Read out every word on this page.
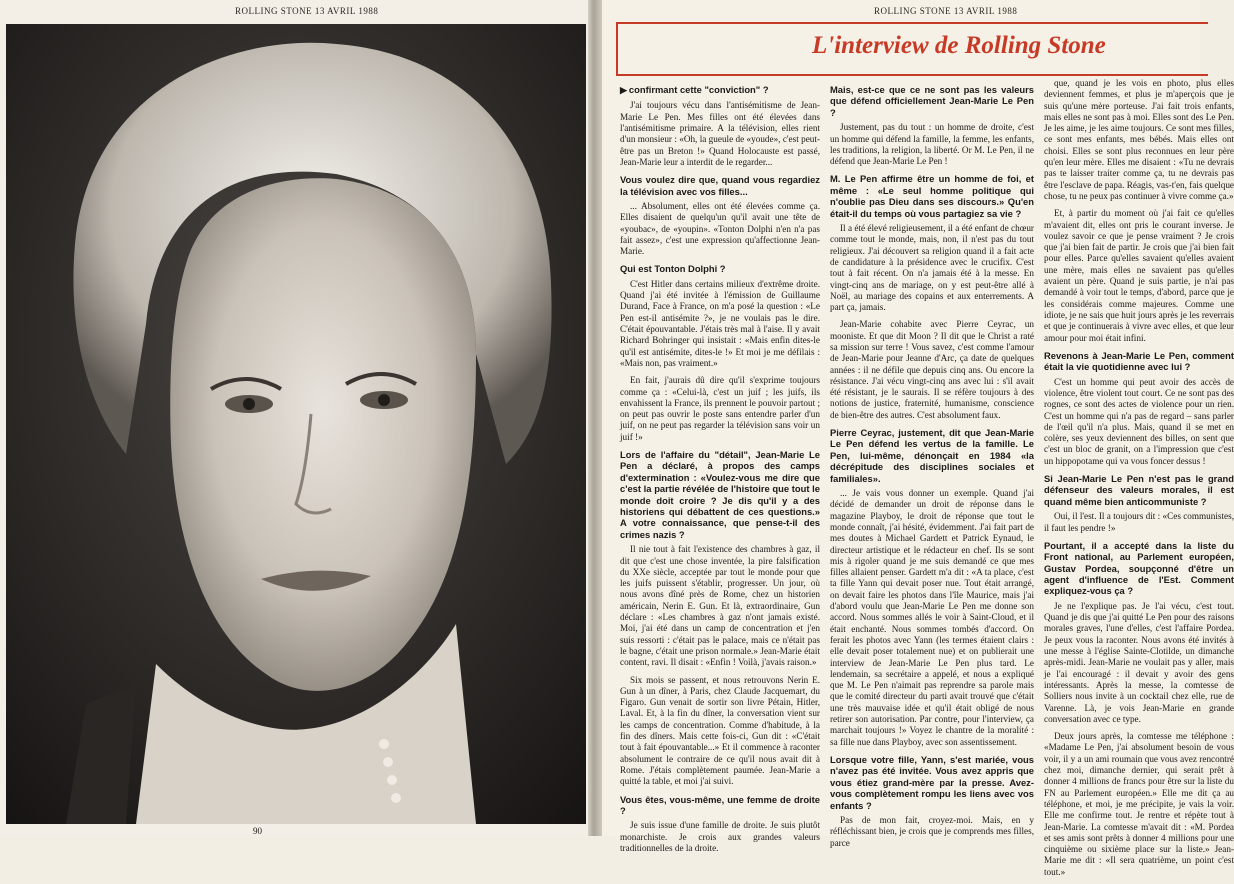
ROLLING STONE 13 AVRIL 1988
90
ROLLING STONE 13 AVRIL 1988
L'interview de Rolling Stone

▶ confirmant cette "conviction" ?

J'ai toujours vécu dans l'antisémitisme de Jean-Marie Le Pen. Mes filles ont été élevées dans l'antisémitisme primaire. A la télévision, elles rient d'un monsieur : «Oh, la gueule de «youde», c'est peut-être pas un Breton !» Quand Holocauste est passé, Jean-Marie leur a interdit de le regarder...

Vous voulez dire que, quand vous regardiez la télévision avec vos filles...

... Absolument, elles ont été élevées comme ça. Elles disaient de quelqu'un qu'il avait une tête de «youbac», de «youpin». «Tonton Dolphi n'en n'a pas fait assez», c'est une expression qu'affectionne Jean-Marie.

Qui est Tonton Dolphi ?

C'est Hitler dans certains milieux d'extrême droite. Quand j'ai été invitée à l'émission de Guillaume Durand, Face à France, on m'a posé la question : «Le Pen est-il antisémite ?», je ne voulais pas le dire. C'était épouvantable. J'étais très mal à l'aise. Il y avait Richard Bohringer qui insistait : «Mais enfin dites-le qu'il est antisémite, dites-le !» Et moi je me défilais : «Mais non, pas vraiment.»

En fait, j'aurais dû dire qu'il s'exprime toujours comme ça : «Celui-là, c'est un juif ; les juifs, ils envahissent la France, ils prennent le pouvoir partout ; on peut pas ouvrir le poste sans entendre parler d'un juif, on ne peut pas regarder la télévision sans voir un juif !»

Lors de l'affaire du "détail", Jean-Marie Le Pen a déclaré, à propos des camps d'extermination : «Voulez-vous me dire que c'est la partie révélée de l'histoire que tout le monde doit croire ? Je dis qu'il y a des historiens qui débattent de ces questions.» A votre connaissance, que pense-t-il des crimes nazis ?

Il nie tout à fait l'existence des chambres à gaz, il dit que c'est une chose inventée, la pire falsification du XXe siècle, acceptée par tout le monde pour que les juifs puissent s'établir, progresser. Un jour, où nous avons dîné près de Rome, chez un historien américain, Nerin E. Gun. Et là, extraordinaire, Gun déclare : «Les chambres à gaz n'ont jamais existé. Moi, j'ai été dans un camp de concentration et j'en suis ressorti : c'était pas le palace, mais ce n'était pas le bagne, c'était une prison normale.» Jean-Marie était content, ravi. Il disait : «Enfin ! Voilà, j'avais raison.»

Six mois se passent, et nous retrouvons Nerin E. Gun à un dîner, à Paris, chez Claude Jacquemart, du Figaro. Gun venait de sortir son livre Pétain, Hitler, Laval. Et, à la fin du dîner, la conversation vient sur les camps de concentration. Comme d'habitude, à la fin des dîners. Mais cette fois-ci, Gun dit : «C'était tout à fait épouvantable...» Et il commence à raconter absolument le contraire de ce qu'il nous avait dit à Rome. J'étais complètement paumée. Jean-Marie a quitté la table, et moi j'ai suivi.

Vous êtes, vous-même, une femme de droite ?

Je suis issue d'une famille de droite. Je suis plutôt monarchiste. Je crois aux grandes valeurs traditionnelles de la droite.

Mais, est-ce que ce ne sont pas les valeurs que défend officiellement Jean-Marie Le Pen ?

Justement, pas du tout : un homme de droite, c'est un homme qui défend la famille, la femme, les enfants, les traditions, la religion, la liberté. Or M. Le Pen, il ne défend que Jean-Marie Le Pen !

M. Le Pen affirme être un homme de foi, et même : «Le seul homme politique qui n'oublie pas Dieu dans ses discours.» Qu'en était-il du temps où vous partagiez sa vie ?

Il a été élevé religieusement, il a été enfant de chœur comme tout le monde, mais, non, il n'est pas du tout religieux. J'ai découvert sa religion quand il a fait acte de candidature à la présidence avec le crucifix. C'est tout à fait récent. On n'a jamais été à la messe. En vingt-cinq ans de mariage, on y est peut-être allé à Noël, au mariage des copains et aux enterrements. A part ça, jamais.

Jean-Marie cohabite avec Pierre Ceyrac, un mooniste. Et que dit Moon ? Il dit que le Christ a raté sa mission sur terre ! Vous savez, c'est comme l'amour de Jean-Marie pour Jeanne d'Arc, ça date de quelques années : il ne défile que depuis cinq ans. Ou encore la résistance. J'ai vécu vingt-cinq ans avec lui : s'il avait été résistant, je le saurais. Il se réfère toujours à des notions de justice, fraternité, humanisme, conscience de bien-être des autres. C'est absolument faux.

Pierre Ceyrac, justement, dit que Jean-Marie Le Pen défend les vertus de la famille. Le Pen, lui-même, dénonçait en 1984 «la décrépitude des disciplines sociales et familiales».

... Je vais vous donner un exemple. Quand j'ai décidé de demander un droit de réponse dans le magazine Playboy, le droit de réponse que tout le monde connaît, j'ai hésité, évidemment. J'ai fait part de mes doutes à Michael Gardett et Patrick Eynaud, le directeur artistique et le rédacteur en chef. Ils se sont mis à rigoler quand je me suis demandé ce que mes filles allaient penser. Gardett m'a dit : «A ta place, c'est ta fille Yann qui devait poser nue. Tout était arrangé, on devait faire les photos dans l'île Maurice, mais j'ai d'abord voulu que Jean-Marie Le Pen me donne son accord. Nous sommes allés le voir à Saint-Cloud, et il était enchanté. Nous sommes tombés d'accord. On ferait les photos avec Yann (les termes étaient clairs : elle devait poser totalement nue) et on publierait une interview de Jean-Marie Le Pen plus tard. Le lendemain, sa secrétaire a appelé, et nous a expliqué que M. Le Pen n'aimait pas reprendre sa parole mais que le comité directeur du parti avait trouvé que c'était une très mauvaise idée et qu'il était obligé de nous retirer son autorisation. Par contre, pour l'interview, ça marchait toujours !» Voyez le chantre de la moralité : sa fille nue dans Playboy, avec son assentissement.

Lorsque votre fille, Yann, s'est mariée, vous n'avez pas été invitée. Vous avez appris que vous étiez grand-mère par la presse. Avez-vous complètement rompu les liens avec vos enfants ?

Pas de mon fait, croyez-moi. Mais, en y réfléchissant bien, je crois que je comprends mes filles, parce

que, quand je les vois en photo, plus elles deviennent femmes, et plus je m'aperçois que je suis qu'une mère porteuse. J'ai fait trois enfants, mais elles ne sont pas à moi. Elles sont des Le Pen. Je les aime, je les aime toujours. Ce sont mes filles, ce sont mes enfants, mes bébés. Mais elles ont choisi. Elles se sont plus reconnues en leur père qu'en leur mère. Elles me disaient : «Tu ne devrais pas te laisser traiter comme ça, tu ne devrais pas être l'esclave de papa. Réagis, vas-t'en, fais quelque chose, tu ne peux pas continuer à vivre comme ça.»

Et, à partir du moment où j'ai fait ce qu'elles m'avaient dit, elles ont pris le courant inverse. Je voulez savoir ce que je pense vraiment ? Je crois que j'ai bien fait de partir. Je crois que j'ai bien fait pour elles. Parce qu'elles savaient qu'elles avaient une mère, mais elles ne savaient pas qu'elles avaient un père. Quand je suis partie, je n'ai pas demandé à voir tout le temps, d'abord, parce que je les considérais comme majeures. Comme une idiote, je ne sais que huit jours après je les reverrais et que je continuerais à vivre avec elles, et que leur amour pour moi était infini.

Revenons à Jean-Marie Le Pen, comment était la vie quotidienne avec lui ?

C'est un homme qui peut avoir des accès de violence, être violent tout court. Ce ne sont pas des rognes, ce sont des actes de violence pour un rien. C'est un homme qui n'a pas de regard – sans parler de l'œil qu'il n'a plus. Mais, quand il se met en colère, ses yeux deviennent des billes, on sent que c'est un bloc de granit, on a l'impression que c'est un hippopotame qui va vous foncer dessus !

Si Jean-Marie Le Pen n'est pas le grand défenseur des valeurs morales, il est quand même bien anticommuniste ?

Oui, il l'est. Il a toujours dit : «Ces communistes, il faut les pendre !»

Pourtant, il a accepté dans la liste du Front national, au Parlement européen, Gustav Pordea, soupçonné d'être un agent d'influence de l'Est. Comment expliquez-vous ça ?

Je ne l'explique pas. Je l'ai vécu, c'est tout. Quand je dis que j'ai quitté Le Pen pour des raisons morales graves, l'une d'elles, c'est l'affaire Pordea. Je peux vous la raconter. Nous avons été invités à une messe à l'église Sainte-Clotilde, un dimanche après-midi. Jean-Marie ne voulait pas y aller, mais je l'ai encouragé : il devait y avoir des gens intéressants. Après la messe, la comtesse de Solliers nous invite à un cocktail chez elle, rue de Varenne. Là, je vois Jean-Marie en grande conversation avec ce type.

Deux jours après, la comtesse me téléphone : «Madame Le Pen, j'ai absolument besoin de vous voir, il y a un ami roumain que vous avez rencontré chez moi, dimanche dernier, qui serait prêt à donner 4 millions de francs pour être sur la liste du FN au Parlement européen.» Elle me dit ça au téléphone, et moi, je me précipite, je vais la voir. Elle me confirme tout. Je rentre et répète tout à Jean-Marie. La comtesse m'avait dit : «M. Pordea et ses amis sont prêts à donner 4 millions pour une cinquième ou sixième place sur la liste.» Jean-Marie me dit : «Il sera quatrième, un point c'est tout.»
